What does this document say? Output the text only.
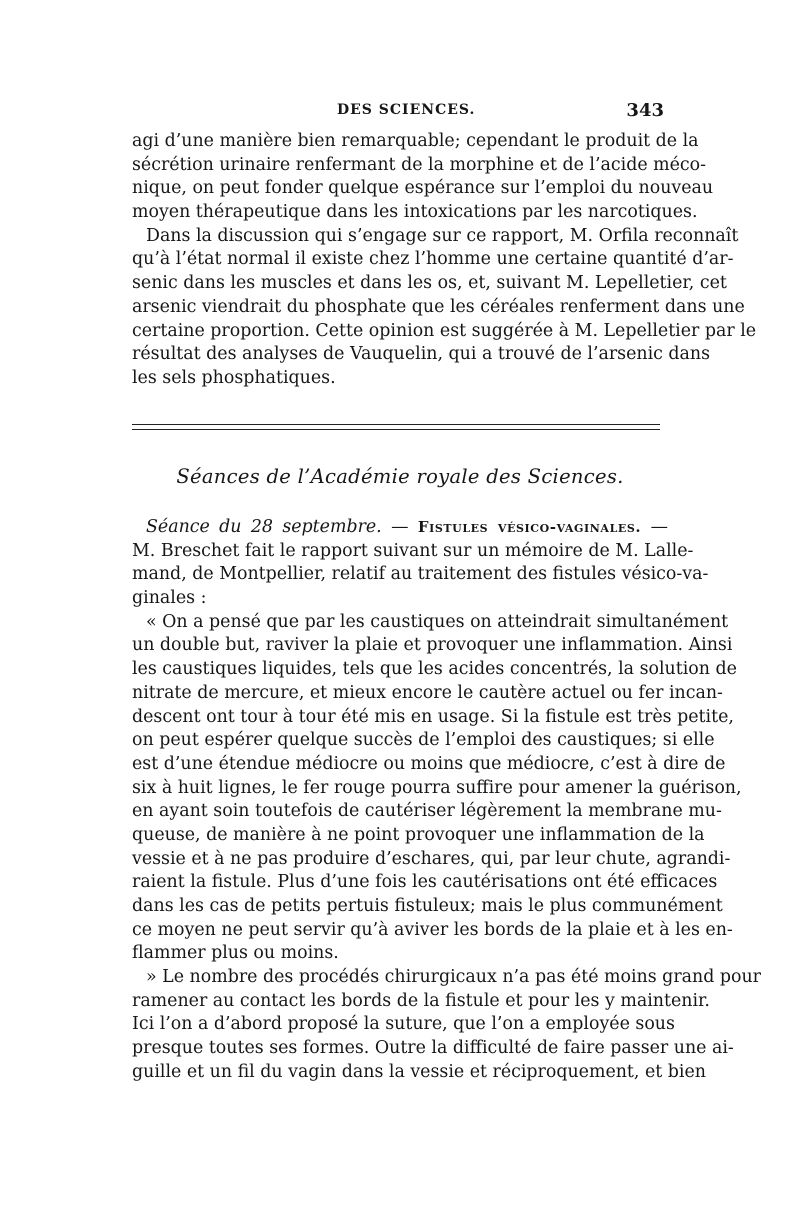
DES SCIENCES.	343
agi d’une manière bien remarquable; cependant le produit de la
sécrétion urinaire renfermant de la morphine et de l’acide méco-
nique, on peut fonder quelque espérance sur l’emploi du nouveau
moyen thérapeutique dans les intoxications par les narcotiques.
Dans la discussion qui s’engage sur ce rapport, M. Orfila reconnaît
qu’à l’état normal il existe chez l’homme une certaine quantité d’ar-
senic dans les muscles et dans les os, et, suivant M. Lepelletier, cet
arsenic viendrait du phosphate que les céréales renferment dans une
certaine proportion. Cette opinion est suggérée à M. Lepelletier par le
résultat des analyses de Vauquelin, qui a trouvé de l’arsenic dans
les sels phosphatiques.
Séances de l’Académie royale des Sciences.
Séance du 28 septembre. — Fistules vésico-vaginales. —
M. Breschet fait le rapport suivant sur un mémoire de M. Lalle-
mand, de Montpellier, relatif au traitement des fistules vésico-va-
ginales :
« On a pensé que par les caustiques on atteindrait simultanément
un double but, raviver la plaie et provoquer une inflammation. Ainsi
les caustiques liquides, tels que les acides concentrés, la solution de
nitrate de mercure, et mieux encore le cautère actuel ou fer incan-
descent ont tour à tour été mis en usage. Si la fistule est très petite,
on peut espérer quelque succès de l’emploi des caustiques; si elle
est d’une étendue médiocre ou moins que médiocre, c’est à dire de
six à huit lignes, le fer rouge pourra suffire pour amener la guérison,
en ayant soin toutefois de cautériser légèrement la membrane mu-
queuse, de manière à ne point provoquer une inflammation de la
vessie et à ne pas produire d’eschares, qui, par leur chute, agrandi-
raient la fistule. Plus d’une fois les cautérisations ont été efficaces
dans les cas de petits pertuis fistuleux; mais le plus communément
ce moyen ne peut servir qu’à aviver les bords de la plaie et à les en-
flammer plus ou moins.
» Le nombre des procédés chirurgicaux n’a pas été moins grand pour
ramener au contact les bords de la fistule et pour les y maintenir.
Ici l’on a d’abord proposé la suture, que l’on a employée sous
presque toutes ses formes. Outre la difficulté de faire passer une ai-
guille et un fil du vagin dans la vessie et réciproquement, et bien
